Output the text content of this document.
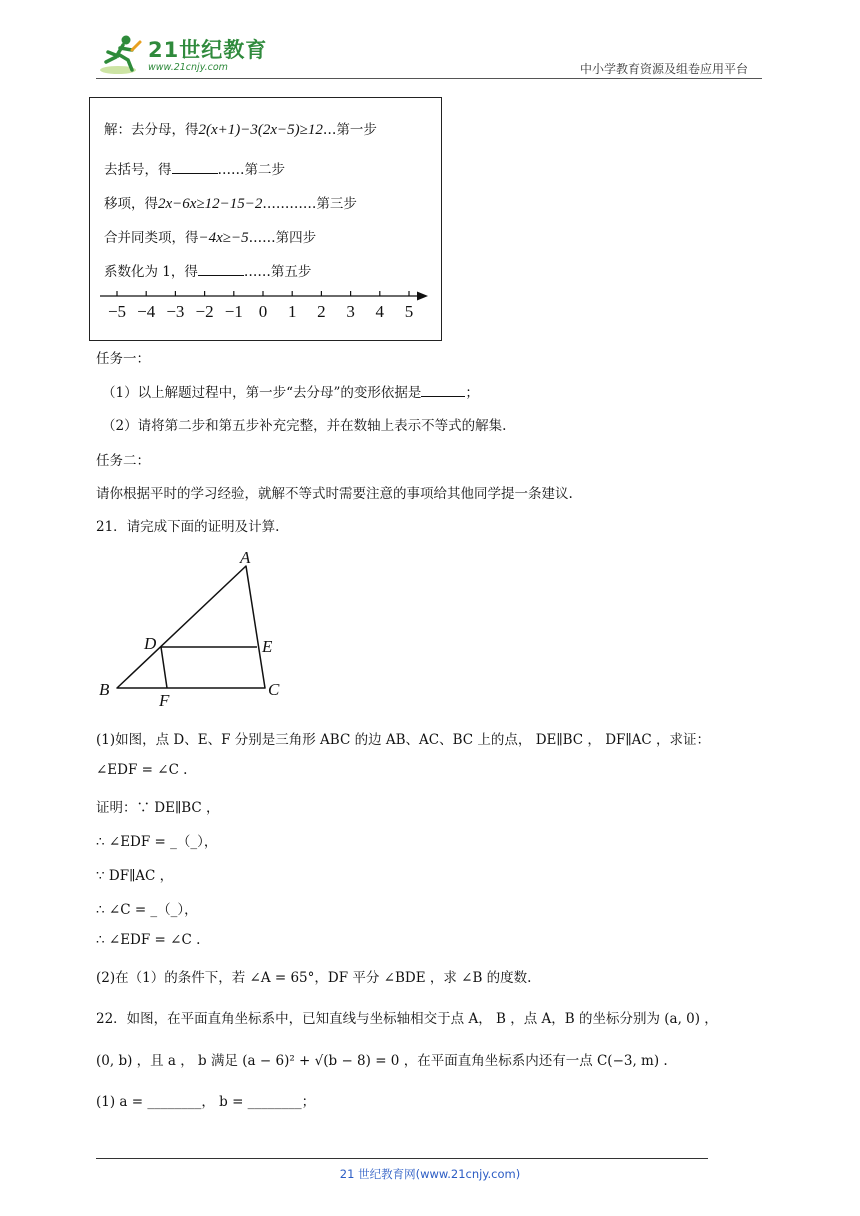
21世纪教育
www.21cnjy.com	中小学教育资源及组卷应用平台
解：去分母，得2(x+1)−3(2x−5)≥12…第一步
去括号，得	……第二步
移项，得2x−6x≥12−15−2…………第三步
合并同类项，得−4x≥−5……第四步
系数化为 1，得	……第五步
−5 −4 −3 −2 −1 0 1 2 3 4 5
任务一：
（1）以上解题过程中，第一步“去分母”的变形依据是	；
（2）请将第二步和第五步补充完整，并在数轴上表示不等式的解集.
任务二：
请你根据平时的学习经验，就解不等式时需要注意的事项给其他同学提一条建议.
21．请完成下面的证明及计算.
A
D	E
B
F
C
(1)如图，点 D、E、F 分别是三角形 ABC 的边 AB、AC、BC 上的点， DE∥BC ， DF∥AC ，求证：
∠EDF = ∠C .
证明：∵ DE∥BC ，
∴ ∠EDF = _（_），
∵ DF∥AC ，
∴ ∠C = _（_），
∴ ∠EDF = ∠C .
(2)在（1）的条件下，若 ∠A = 65°，DF 平分 ∠BDE ，求 ∠B 的度数.
22．如图，在平面直角坐标系中，已知直线与坐标轴相交于点 A， B ，点 A，B 的坐标分别为 (a, 0) ，
(0, b) ，且 a ， b 满足 (a − 6)² + √(b − 8) = 0 ，在平面直角坐标系内还有一点 C(−3, m) .
(1) a = ________， b = ________；
21 世纪教育网(www.21cnjy.com)
